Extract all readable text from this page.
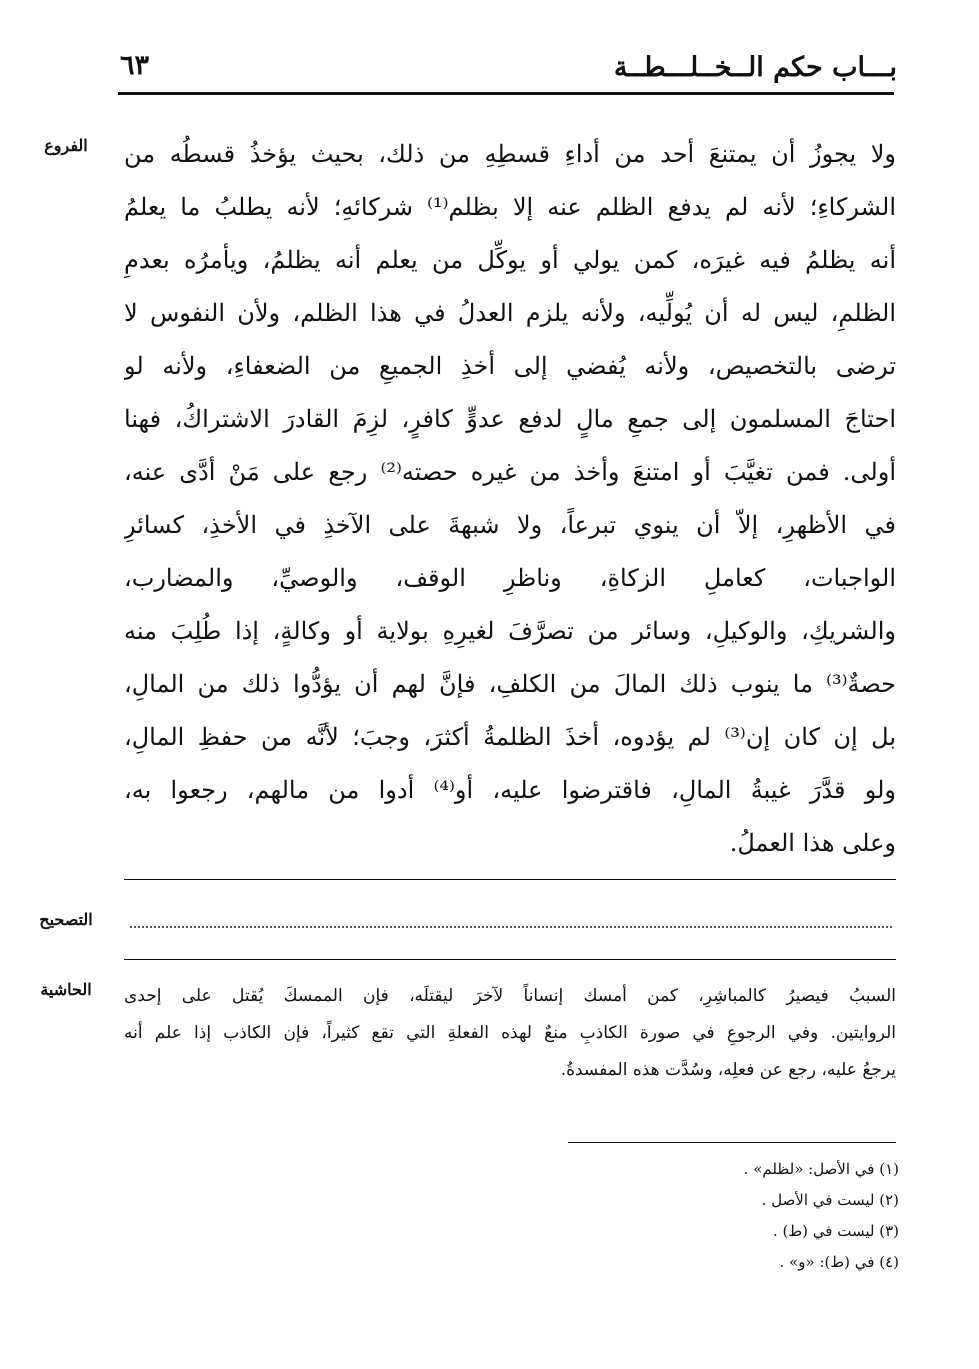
بـــاب حكم الــخــلـــطــة
٦٣
الفروع	ولا يجوزُ أن يمتنعَ أحد من أداءِ قسطِهِ من ذلك، بحيث يؤخذُ قسطُه من
الشركاءِ؛ لأنه لم يدفع الظلم عنه إلا بظلم⁽¹⁾ شركائهِ؛ لأنه يطلبُ ما يعلمُ
أنه يظلمُ فيه غيرَه، كمن يولي أو يوكِّل من يعلم أنه يظلمُ، ويأمرُه بعدمِ
الظلمِ، ليس له أن يُولِّيه، ولأنه يلزم العدلُ في هذا الظلم، ولأن النفوس لا
ترضى بالتخصيص، ولأنه يُفضي إلى أخذِ الجميعِ من الضعفاءِ، ولأنه لو
احتاجَ المسلمون إلى جمعِ مالٍ لدفع عدوٍّ كافرٍ، لزِمَ القادرَ الاشتراكُ، فهنا
أولى. فمن تغيَّبَ أو امتنعَ وأخذ من غيره حصته⁽²⁾ رجع على مَنْ أدَّى عنه،
في الأظهرِ، إلاّ أن ينوي تبرعاً، ولا شبهةَ على الآخذِ في الأخذِ، كسائرِ
الواجبات، كعاملِ الزكاةِ، وناظرِ الوقف، والوصيِّ، والمضارب،
والشريكِ، والوكيلِ، وسائر من تصرَّفَ لغيرِهِ بولاية أو وكالةٍ، إذا طُلِبَ منه
حصةٌ⁽³⁾ ما ينوب ذلك المالَ من الكلفِ، فإنَّ لهم أن يؤدُّوا ذلك من المالِ،
بل إن كان إن⁽³⁾ لم يؤدوه، أخذَ الظلمةُ أكثرَ، وجبَ؛ لأنَّه من حفظِ المالِ،
ولو قدَّرَ غيبةُ المالِ، فاقترضوا عليه، أو⁽⁴⁾ أدوا من مالهم، رجعوا به،
وعلى هذا العملُ.
التصحيح
الحاشية	السببُ فيصيرُ كالمباشِرِ، كمن أمسك إنساناً لآخرَ ليقتلَه، فإن الممسكَ يُقتل على إحدى
الروايتين. وفي الرجوعِ في صورة الكاذبِ منعٌ لهذه الفعلةِ التي تقع كثيراً، فإن الكاذب إذا علم أنه
يرجعُ عليه، رجع عن فعلِه، وسُدَّت هذه المفسدةُ.
(١) في الأصل: «لظلم» .
(٢) ليست في الأصل .
(٣) ليست في (ط) .
(٤) في (ط): «و» .
